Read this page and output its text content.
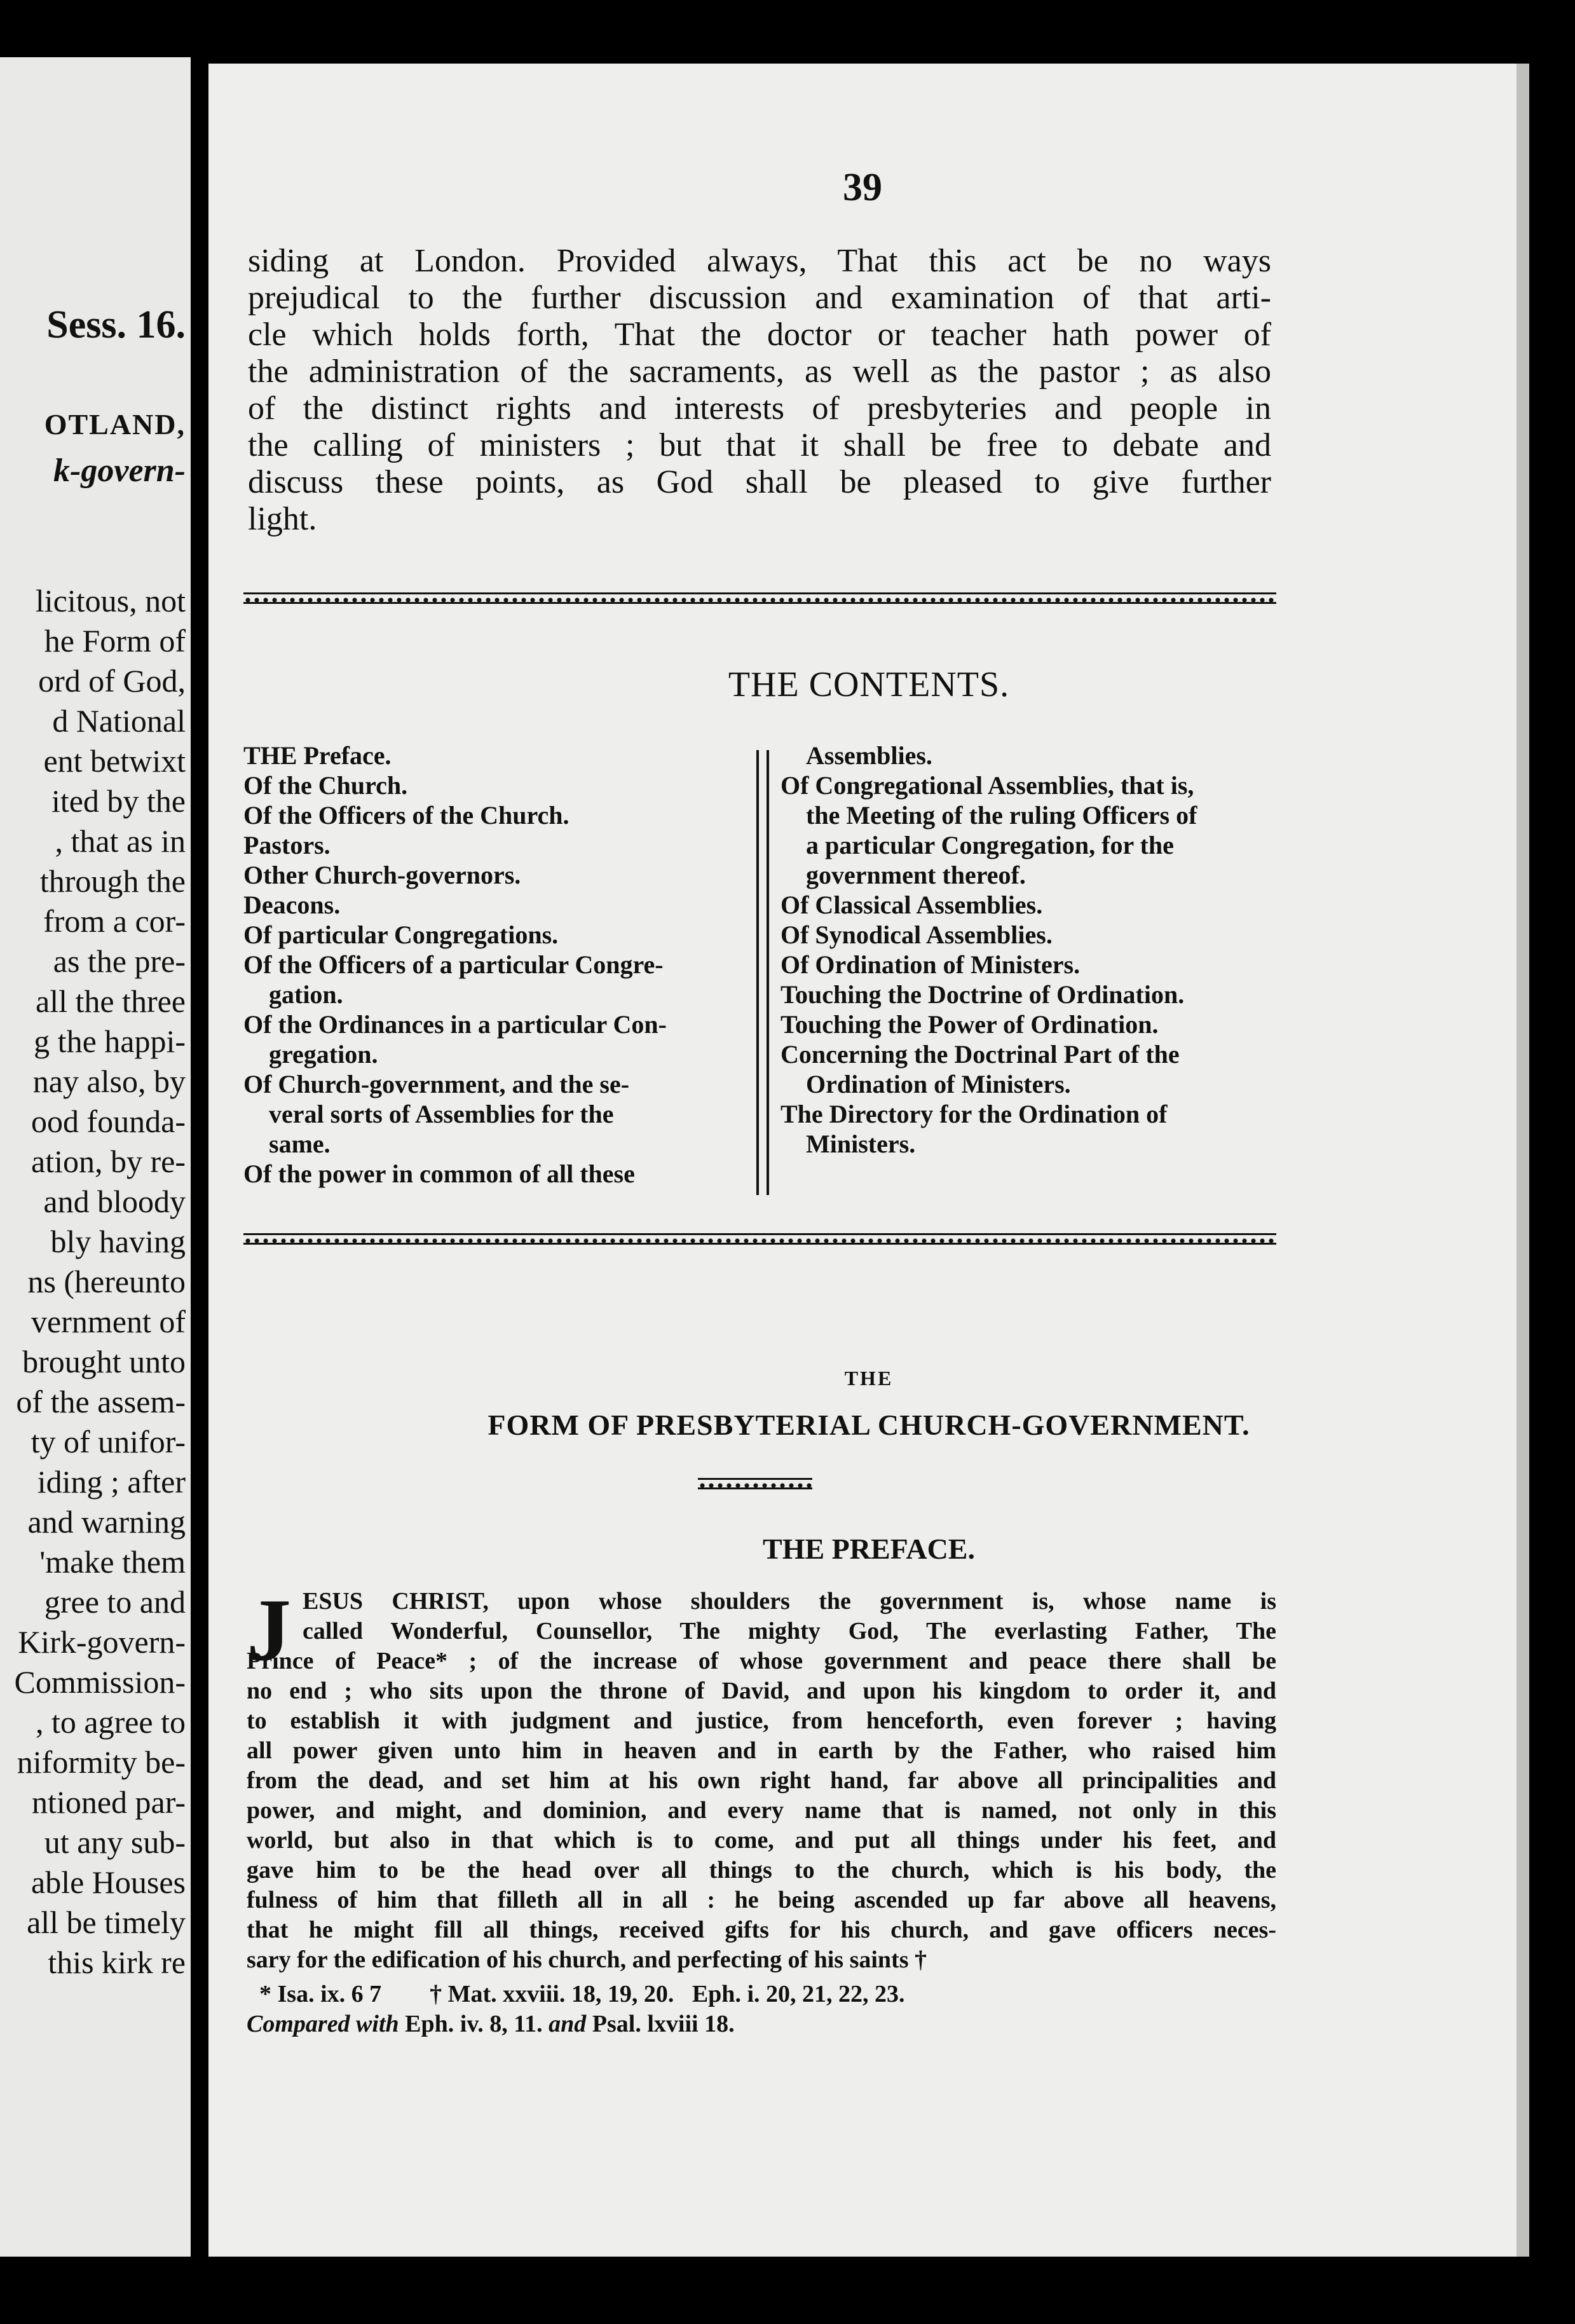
Sess. 16.
OTLAND,
k-govern-
licitous, not
he Form of
ord of God,
d National
ent betwixt
ited by the
, that as in
through the
from a cor-
as the pre-
all the three
g the happi-
nay also, by
ood founda-
ation, by re-
and bloody
bly having
ns (hereunto
vernment of
brought unto
of the assem-
ty of unifor-
iding ; after
and warning
'make them
gree to and
Kirk-govern-
Commission-
, to agree to
niformity be-
ntioned par-
ut any sub-
able Houses
all be timely
this kirk re
39
siding at London. Provided always, That this act be no ways
prejudical to the further discussion and examination of that arti-
cle which holds forth, That the doctor or teacher hath power of
the administration of the sacraments, as well as the pastor ; as also
of the distinct rights and interests of presbyteries and people in
the calling of ministers ; but that it shall be free to debate and
discuss these points, as God shall be pleased to give further
light.
THE CONTENTS.
THE Preface.
Of the Church.
Of the Officers of the Church.
Pastors.
Other Church-governors.
Deacons.
Of particular Congregations.
Of the Officers of a particular Congre-
gation.
Of the Ordinances in a particular Con-
gregation.
Of Church-government, and the se-
veral sorts of Assemblies for the
same.
Of the power in common of all these
Assemblies.
Of Congregational Assemblies, that is,
the Meeting of the ruling Officers of
a particular Congregation, for the
government thereof.
Of Classical Assemblies.
Of Synodical Assemblies.
Of Ordination of Ministers.
Touching the Doctrine of Ordination.
Touching the Power of Ordination.
Concerning the Doctrinal Part of the
Ordination of Ministers.
The Directory for the Ordination of
Ministers.
THE
FORM OF PRESBYTERIAL CHURCH-GOVERNMENT.
THE PREFACE.
J ESUS CHRIST, upon whose shoulders the government is, whose name is
called Wonderful, Counsellor, The mighty God, The everlasting Father, The
Prince of Peace* ; of the increase of whose government and peace there shall be
no end ; who sits upon the throne of David, and upon his kingdom to order it, and
to establish it with judgment and justice, from henceforth, even forever ; having
all power given unto him in heaven and in earth by the Father, who raised him
from the dead, and set him at his own right hand, far above all principalities and
power, and might, and dominion, and every name that is named, not only in this
world, but also in that which is to come, and put all things under his feet, and
gave him to be the head over all things to the church, which is his body, the
fulness of him that filleth all in all : he being ascended up far above all heavens,
that he might fill all things, received gifts for his church, and gave officers neces-
sary for the edification of his church, and perfecting of his saints †
* Isa. ix. 6 7        † Mat. xxviii. 18, 19, 20.   Eph. i. 20, 21, 22, 23.
Compared with Eph. iv. 8, 11. and Psal. lxviii 18.
